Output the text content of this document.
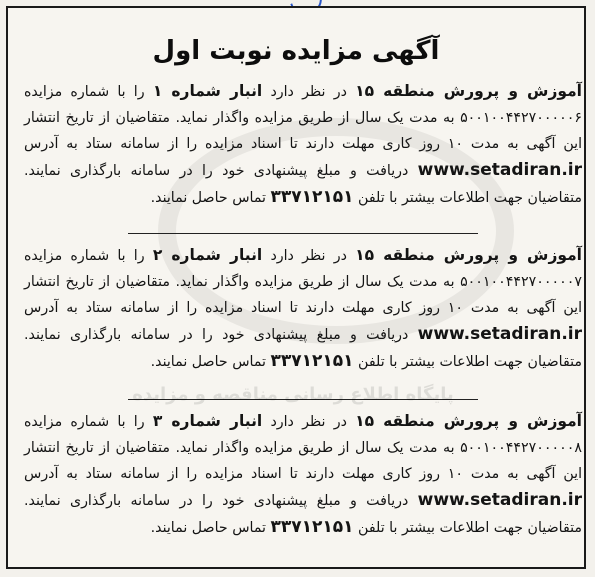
آگهی مزایده نوبت اول
آموزش و پرورش منطقه ۱۵ در نظر دارد انبار شماره ۱ را با شماره مزایده ۵۰۰۱۰۰۴۴۲۷۰۰۰۰۰۶ به مدت یک سال از طریق مزایده واگذار نماید. متقاضیان از تاریخ انتشار این آگهی به مدت ۱۰ روز کاری مهلت دارند تا اسناد مزایده را از سامانه ستاد به آدرس www.setadiran.ir دریافت و مبلغ پیشنهادی خود را در سامانه بارگذاری نمایند. متقاضیان جهت اطلاعات بیشتر با تلفن ۳۳۷۱۲۱۵۱ تماس حاصل نمایند.
آموزش و پرورش منطقه ۱۵ در نظر دارد انبار شماره ۲ را با شماره مزایده ۵۰۰۱۰۰۴۴۲۷۰۰۰۰۰۷ به مدت یک سال از طریق مزایده واگذار نماید. متقاضیان از تاریخ انتشار این آگهی به مدت ۱۰ روز کاری مهلت دارند تا اسناد مزایده را از سامانه ستاد به آدرس www.setadiran.ir دریافت و مبلغ پیشنهادی خود را در سامانه بارگذاری نمایند. متقاضیان جهت اطلاعات بیشتر با تلفن ۳۳۷۱۲۱۵۱ تماس حاصل نمایند.
پایگاه اطلاع رسانی مناقصه و مزایده
آموزش و پرورش منطقه ۱۵ در نظر دارد انبار شماره ۳ را با شماره مزایده ۵۰۰۱۰۰۴۴۲۷۰۰۰۰۰۸ به مدت یک سال از طریق مزایده واگذار نماید. متقاضیان از تاریخ انتشار این آگهی به مدت ۱۰ روز کاری مهلت دارند تا اسناد مزایده را از سامانه ستاد به آدرس www.setadiran.ir دریافت و مبلغ پیشنهادی خود را در سامانه بارگذاری نمایند. متقاضیان جهت اطلاعات بیشتر با تلفن ۳۳۷۱۲۱۵۱ تماس حاصل نمایند.
